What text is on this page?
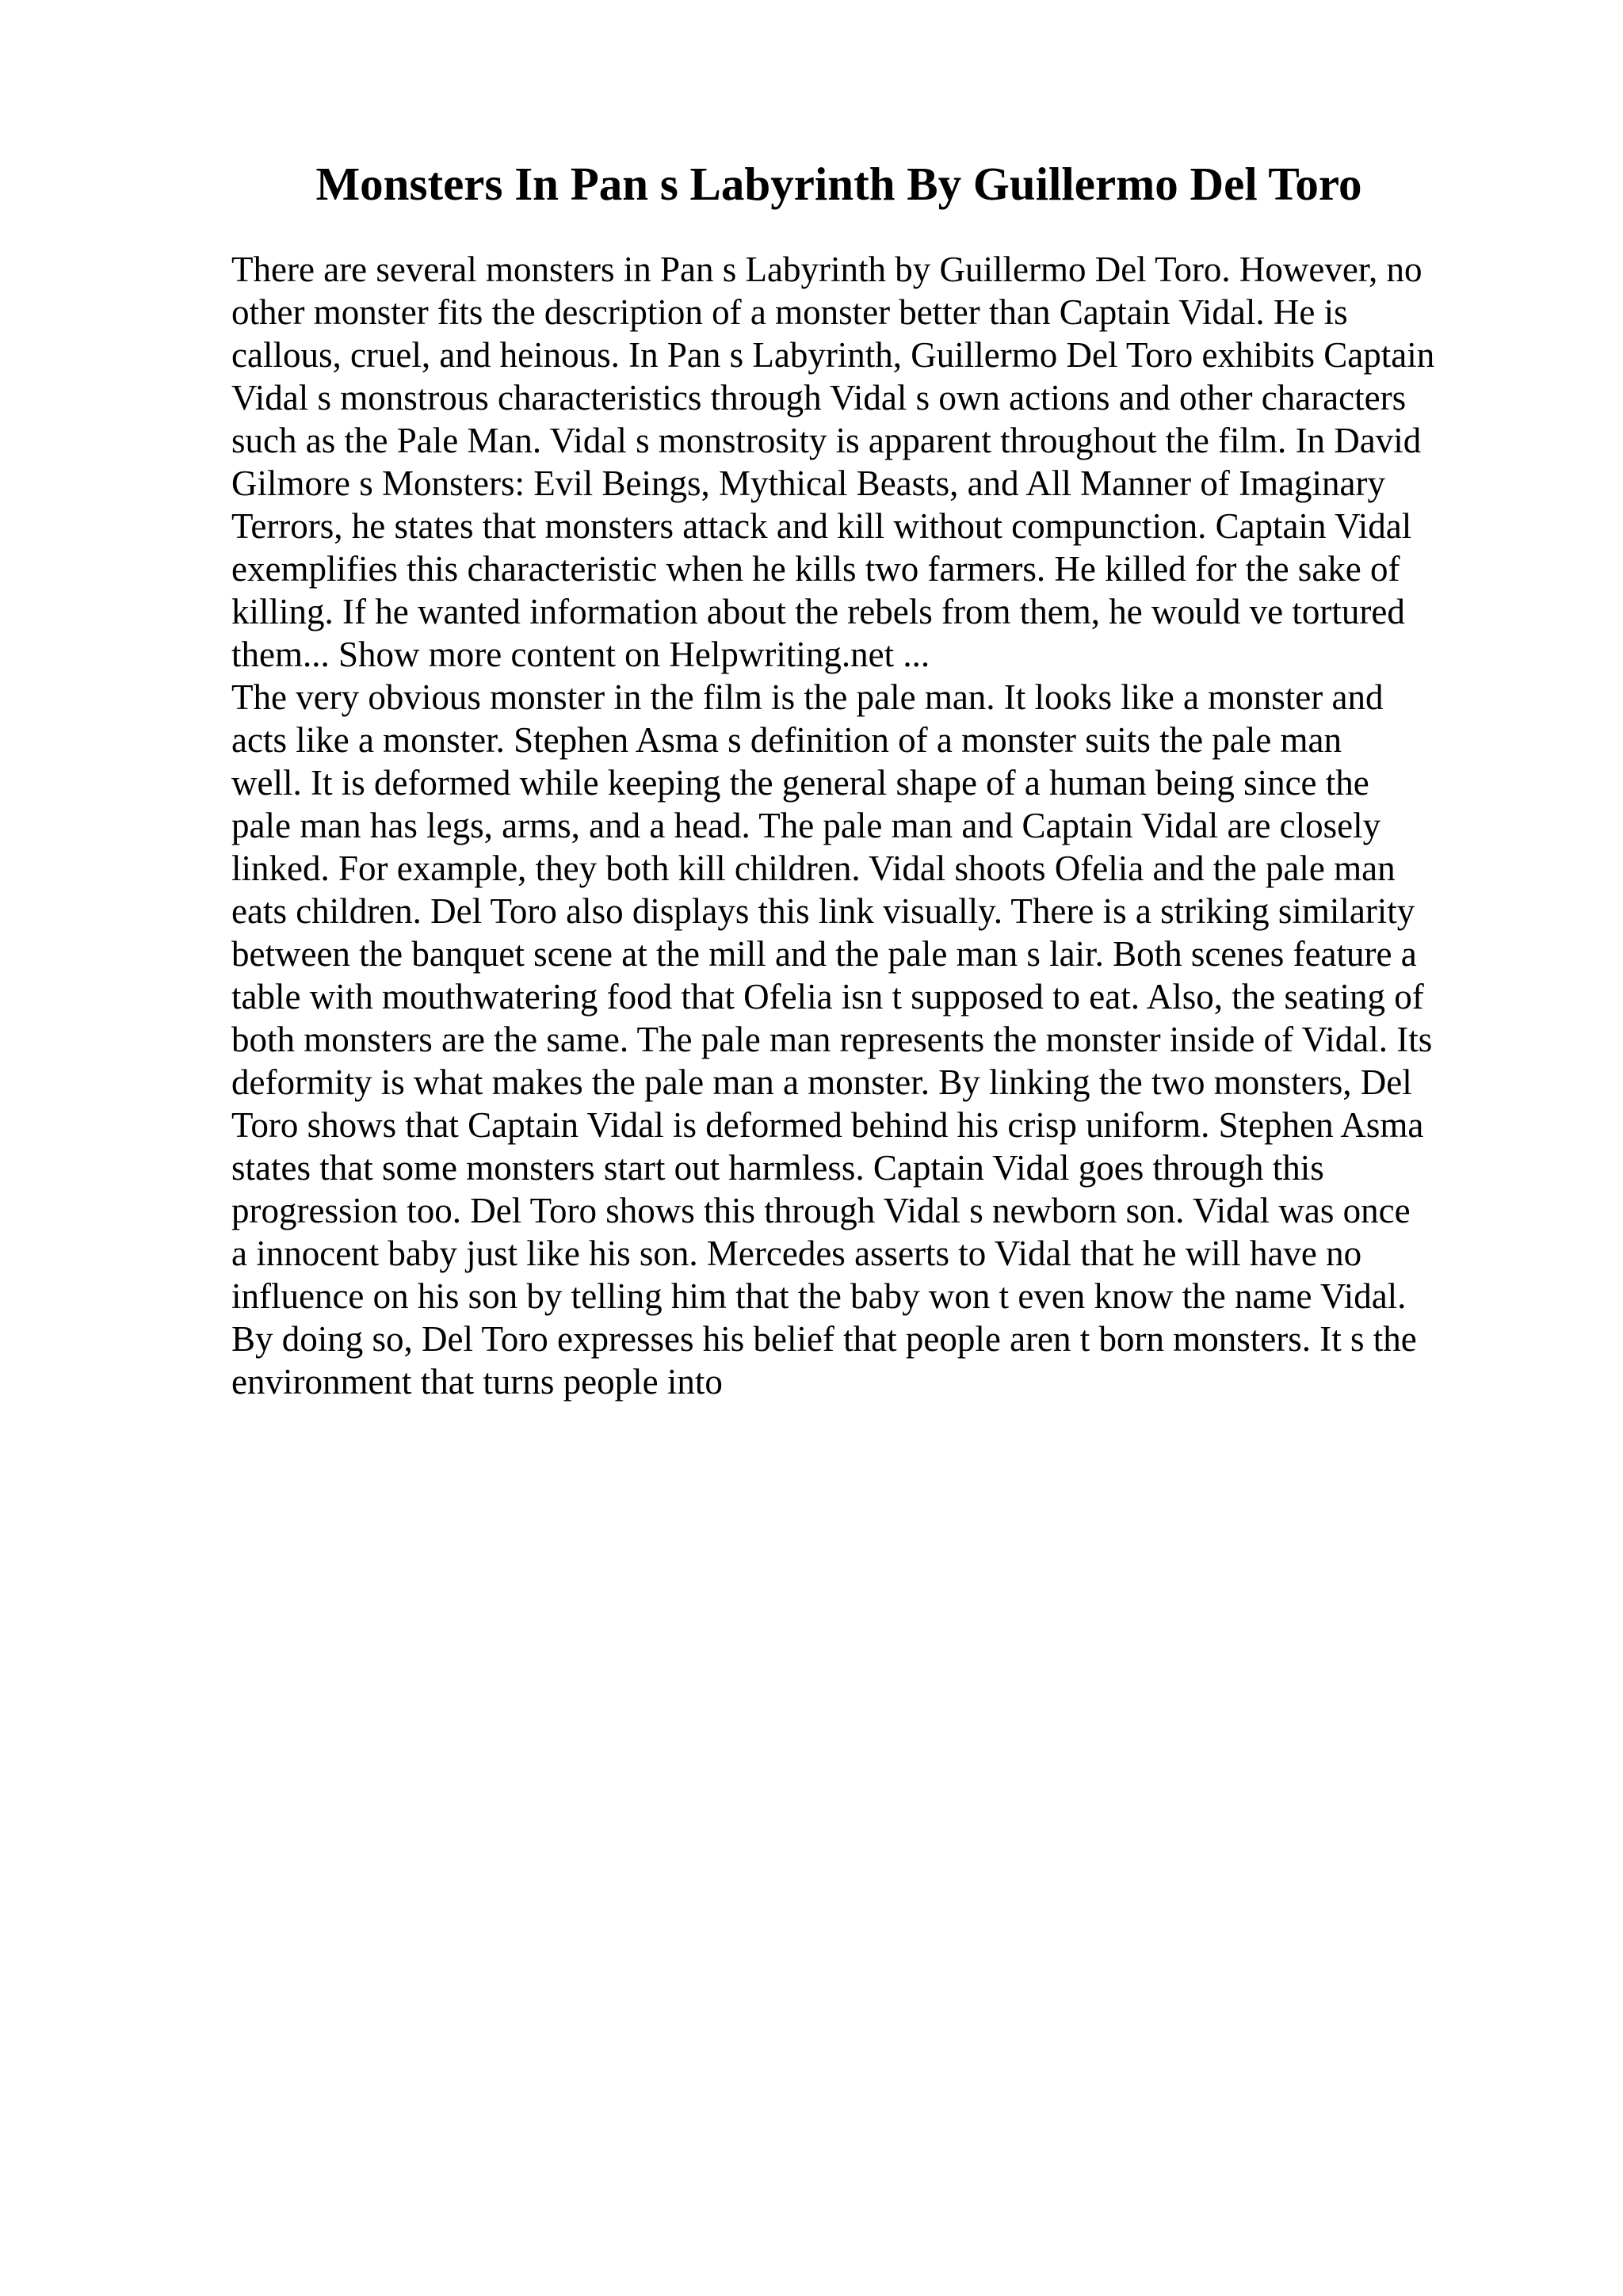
Monsters In Pan s Labyrinth By Guillermo Del Toro

There are several monsters in Pan s Labyrinth by Guillermo Del Toro. However, no

other monster fits the description of a monster better than Captain Vidal. He is

callous, cruel, and heinous. In Pan s Labyrinth, Guillermo Del Toro exhibits Captain

Vidal s monstrous characteristics through Vidal s own actions and other characters

such as the Pale Man. Vidal s monstrosity is apparent throughout the film. In David

Gilmore s Monsters: Evil Beings, Mythical Beasts, and All Manner of Imaginary

Terrors, he states that monsters attack and kill without compunction. Captain Vidal

exemplifies this characteristic when he kills two farmers. He killed for the sake of

killing. If he wanted information about the rebels from them, he would ve tortured

them... Show more content on Helpwriting.net ...

The very obvious monster in the film is the pale man. It looks like a monster and

acts like a monster. Stephen Asma s definition of a monster suits the pale man

well. It is deformed while keeping the general shape of a human being since the

pale man has legs, arms, and a head. The pale man and Captain Vidal are closely

linked. For example, they both kill children. Vidal shoots Ofelia and the pale man

eats children. Del Toro also displays this link visually. There is a striking similarity

between the banquet scene at the mill and the pale man s lair. Both scenes feature a

table with mouthwatering food that Ofelia isn t supposed to eat. Also, the seating of

both monsters are the same. The pale man represents the monster inside of Vidal. Its

deformity is what makes the pale man a monster. By linking the two monsters, Del

Toro shows that Captain Vidal is deformed behind his crisp uniform. Stephen Asma

states that some monsters start out harmless. Captain Vidal goes through this

progression too. Del Toro shows this through Vidal s newborn son. Vidal was once

a innocent baby just like his son. Mercedes asserts to Vidal that he will have no

influence on his son by telling him that the baby won t even know the name Vidal.

By doing so, Del Toro expresses his belief that people aren t born monsters. It s the

environment that turns people into
